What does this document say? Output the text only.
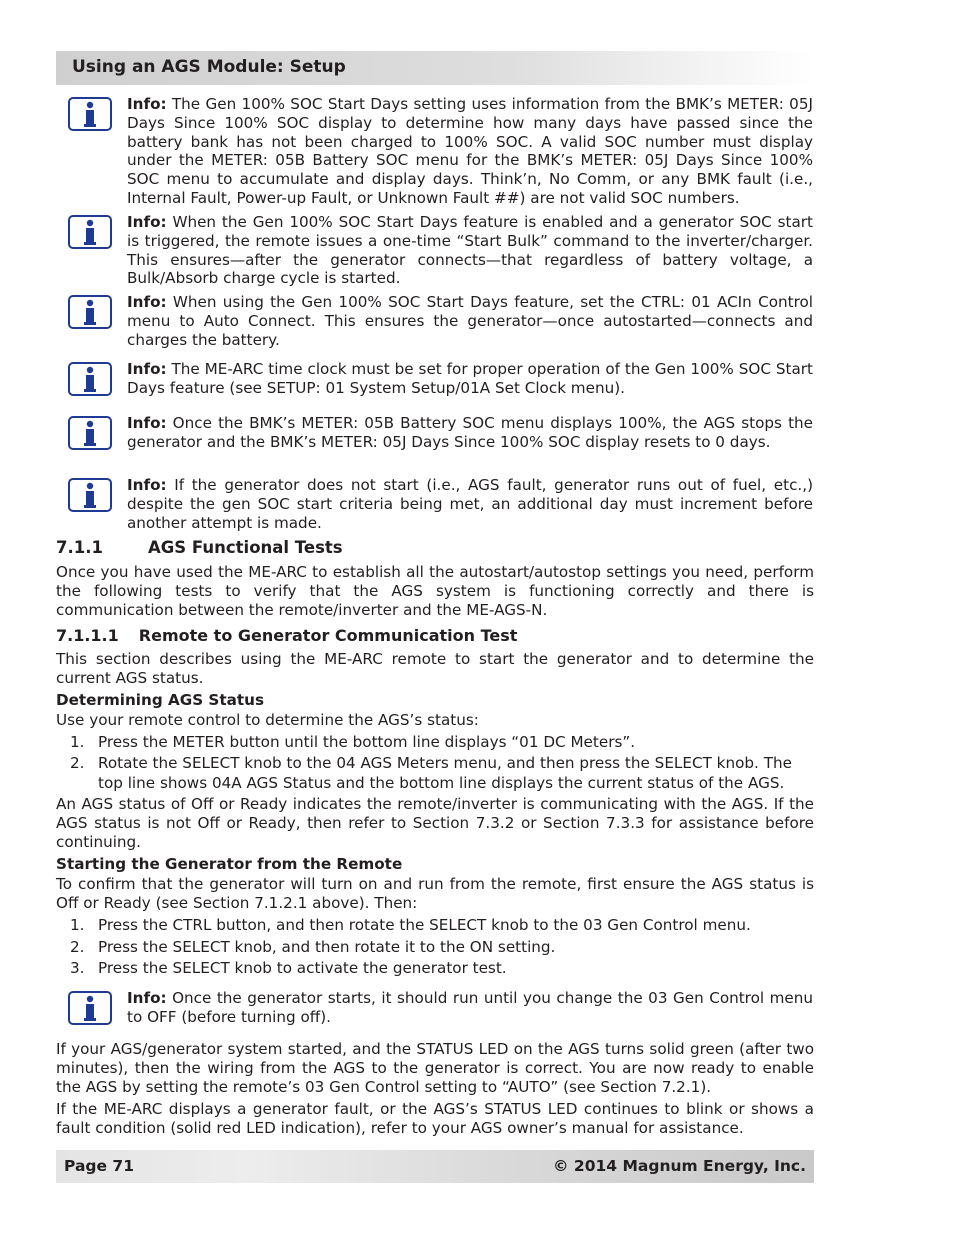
Using an AGS Module: Setup
Info: The Gen 100% SOC Start Days setting uses information from the BMK’s METER: 05J Days Since 100% SOC display to determine how many days have passed since the battery bank has not been charged to 100% SOC. A valid SOC number must display under the METER: 05B Battery SOC menu for the BMK’s METER: 05J Days Since 100% SOC menu to accumulate and display days. Think’n, No Comm, or any BMK fault (i.e., Internal Fault, Power-up Fault, or Unknown Fault ##) are not valid SOC numbers.
Info: When the Gen 100% SOC Start Days feature is enabled and a generator SOC start is triggered, the remote issues a one-time “Start Bulk” command to the inverter/charger. This ensures—after the generator connects—that regardless of battery voltage, a Bulk/Absorb charge cycle is started.
Info: When using the Gen 100% SOC Start Days feature, set the CTRL: 01 ACIn Control menu to Auto Connect. This ensures the generator—once autostarted—connects and charges the battery.
Info: The ME-ARC time clock must be set for proper operation of the Gen 100% SOC Start Days feature (see SETUP: 01 System Setup/01A Set Clock menu).
Info: Once the BMK’s METER: 05B Battery SOC menu displays 100%, the AGS stops the generator and the BMK’s METER: 05J Days Since 100% SOC display resets to 0 days.
Info: If the generator does not start (i.e., AGS fault, generator runs out of fuel, etc.,) despite the gen SOC start criteria being met, an additional day must increment before another attempt is made.
7.1.1	AGS Functional Tests
Once you have used the ME-ARC to establish all the autostart/autostop settings you need, perform the following tests to verify that the AGS system is functioning correctly and there is communication between the remote/inverter and the ME-AGS-N.
7.1.1.1 Remote to Generator Communication Test
This section describes using the ME-ARC remote to start the generator and to determine the current AGS status.
Determining AGS Status
Use your remote control to determine the AGS’s status:
1. Press the METER button until the bottom line displays “01 DC Meters”.
2. Rotate the SELECT knob to the 04 AGS Meters menu, and then press the SELECT knob. The top line shows 04A AGS Status and the bottom line displays the current status of the AGS.
An AGS status of Off or Ready indicates the remote/inverter is communicating with the AGS. If the AGS status is not Off or Ready, then refer to Section 7.3.2 or Section 7.3.3 for assistance before continuing.
Starting the Generator from the Remote
To confirm that the generator will turn on and run from the remote, first ensure the AGS status is Off or Ready (see Section 7.1.2.1 above). Then:
1. Press the CTRL button, and then rotate the SELECT knob to the 03 Gen Control menu.
2. Press the SELECT knob, and then rotate it to the ON setting.
3. Press the SELECT knob to activate the generator test.
Info: Once the generator starts, it should run until you change the 03 Gen Control menu to OFF (before turning off).
If your AGS/generator system started, and the STATUS LED on the AGS turns solid green (after two minutes), then the wiring from the AGS to the generator is correct. You are now ready to enable the AGS by setting the remote’s 03 Gen Control setting to “AUTO” (see Section 7.2.1).
If the ME-ARC displays a generator fault, or the AGS’s STATUS LED continues to blink or shows a fault condition (solid red LED indication), refer to your AGS owner’s manual for assistance.
Page 71	© 2014 Magnum Energy, Inc.
